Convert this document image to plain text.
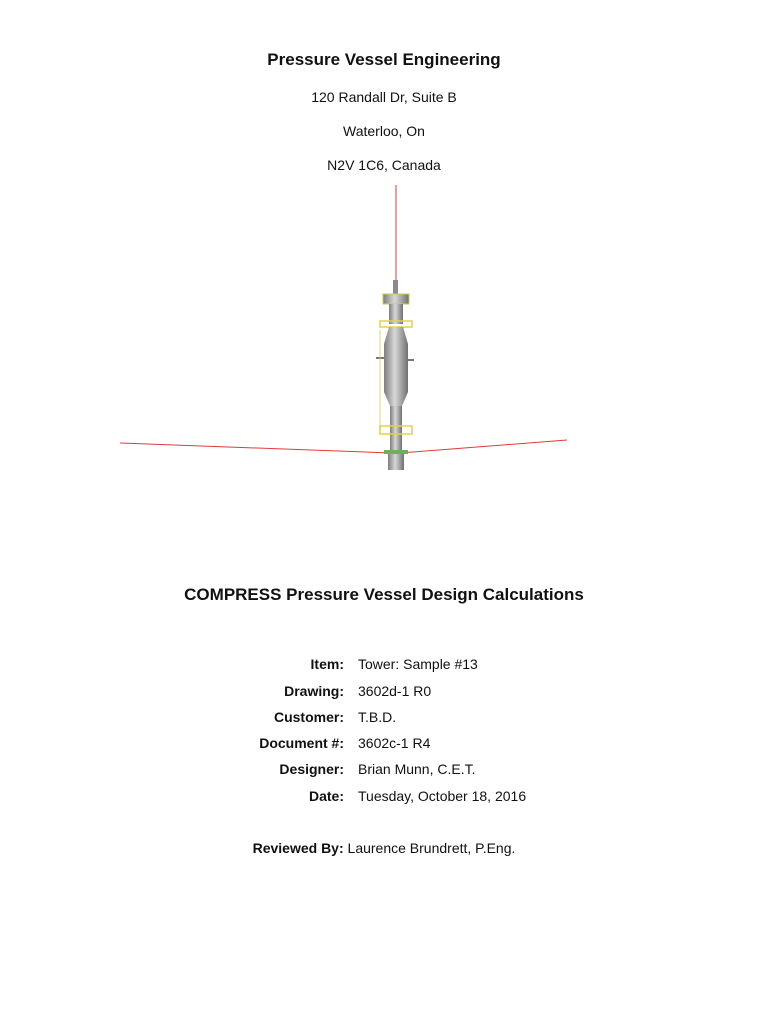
Pressure Vessel Engineering
120 Randall Dr, Suite B
Waterloo, On
N2V 1C6, Canada
COMPRESS Pressure Vessel Design Calculations
Item: Tower: Sample #13
Drawing: 3602d-1 R0
Customer: T.B.D.
Document #: 3602c-1 R4
Designer: Brian Munn, C.E.T.
Date: Tuesday, October 18, 2016
Reviewed By: Laurence Brundrett, P.Eng.
